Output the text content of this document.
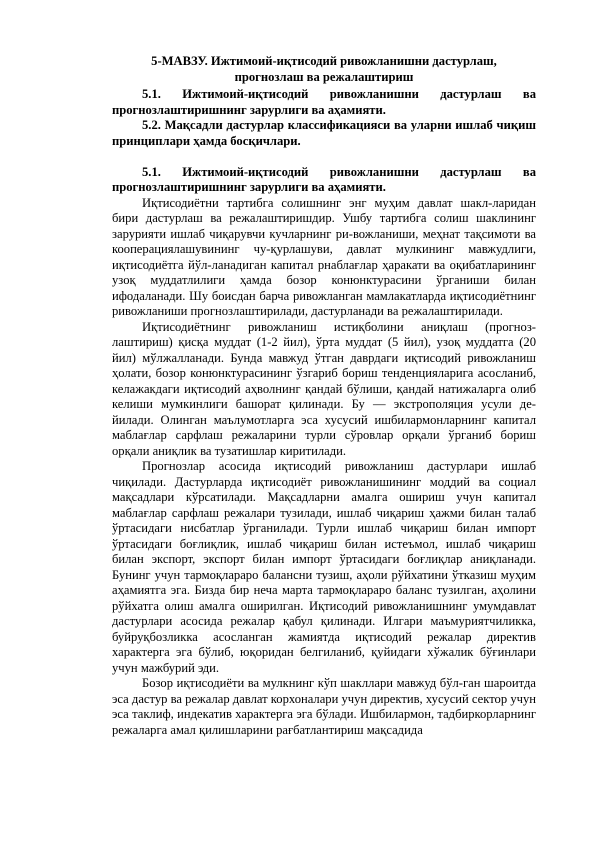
5-МАВЗУ. Ижтимоий-иқтисодий ривожланишни дастурлаш,
прогнозлаш ва режалаштириш

5.1. Ижтимоий-иқтисодий ривожланишни дастурлаш ва прогнозлаштиришнинг зарурлиги ва аҳамияти.

5.2. Мақсадли дастурлар классификацияси ва уларни ишлаб чиқиш принциплари ҳамда босқичлари.

5.1. Ижтимоий-иқтисодий ривожланишни дастурлаш ва прогнозлаштиришнинг зарурлиги ва аҳамияти.

Иқтисодиётни тартибга солишнинг энг муҳим давлат шакл-ларидан бири дастурлаш ва режалаштиришдир. Ушбу тартибга солиш шаклининг зарурияти ишлаб чиқарувчи кучларнинг ри-вожланиши, меҳнат тақсимоти ва кооперациялашувининг чу-қурлашуви, давлат мулкининг мавжудлиги, иқтисодиётга йўл-ланадиган капитал рнаблағлар ҳаракати ва оқибатларининг узоқ муддатлилиги ҳамда бозор конюнктурасини ўрганиши билан ифодаланади. Шу боисдан барча ривожланган мамлакатларда иқтисодиётнинг ривожланиши прогнозлаштирилади, дастурланади ва режалаштирилади.

Иқтисодиётнинг ривожланиш истиқболини аниқлаш (прогноз-лаштириш) қисқа муддат (1-2 йил), ўрта муддат (5 йил), узоқ муддатга (20 йил) мўлжалланади. Бунда мавжуд ўтган даврдаги иқтисодий ривожланиш ҳолати, бозор конюнктурасининг ўзгариб бориш тенденцияларига асосланиб, келажакдаги иқтисодий аҳволнинг қандай бўлиши, қандай натижаларга олиб келиши мумкинлиги башорат қилинади. Бу — экстрополяция усули де-йилади. Олинган маълумотларга эса хусусий ишбилармонларнинг капитал маблағлар сарфлаш режаларини турли сўровлар орқали ўрганиб бориш орқали аниқлик ва тузатишлар киритилади.

Прогнозлар асосида иқтисодий ривожланиш дастурлари ишлаб чиқилади. Дастурларда иқтисодиёт ривожланишининг моддий ва социал мақсадлари кўрсатилади. Мақсадларни амалга ошириш учун капитал маблағлар сарфлаш режалари тузилади, ишлаб чиқариш ҳажми билан талаб ўртасидаги нисбатлар ўрганилади. Турли ишлаб чиқариш билан импорт ўртасидаги боғлиқлик, ишлаб чиқариш билан истеъмол, ишлаб чиқариш билан экспорт, экспорт билан импорт ўртасидаги боғлиқлар аниқланади. Бунинг учун тармоқлараро балансни тузиш, аҳоли рўйхатини ўтказиш муҳим аҳамиятга эга. Бизда бир неча марта тармоқлараро баланс тузилган, аҳолини рўйхатга олиш амалга оширилган. Иқтисодий ривожланишнинг умумдавлат дастурлари асосида режалар қабул қилинади. Илгари маъмуриятчиликка, буйруқбозликка асосланган жамиятда иқтисодий режалар директив характерга эга бўлиб, юқоридан белгиланиб, қуйидаги хўжалик бўғинлари учун мажбурий эди.

Бозор иқтисодиёти ва мулкнинг кўп шакллари мавжуд бўл-ган шароитда эса дастур ва режалар давлат корхоналари учун директив, хусусий сектор учун эса таклиф, индекатив характерга эга бўлади. Ишбилармон, тадбиркорларнинг режаларга амал қилишларини рағбатлантириш мақсадида
